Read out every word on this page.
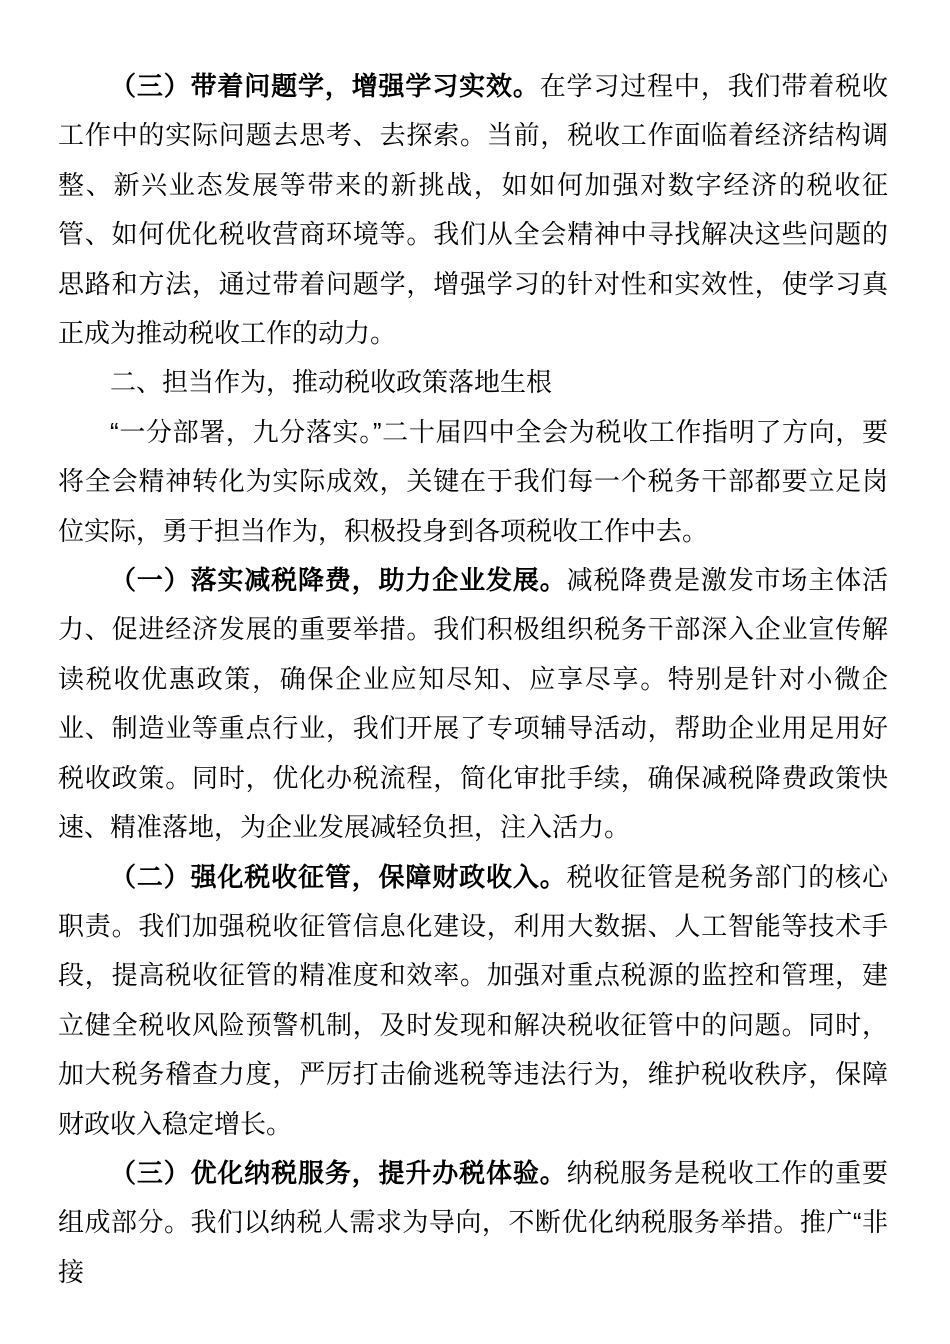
（三）带着问题学，增强学习实效。在学习过程中，我们带着税收工作中的实际问题去思考、去探索。当前，税收工作面临着经济结构调整、新兴业态发展等带来的新挑战，如如何加强对数字经济的税收征管、如何优化税收营商环境等。我们从全会精神中寻找解决这些问题的思路和方法，通过带着问题学，增强学习的针对性和实效性，使学习真正成为推动税收工作的动力。

二、担当作为，推动税收政策落地生根

“一分部署，九分落实。”二十届四中全会为税收工作指明了方向，要将全会精神转化为实际成效，关键在于我们每一个税务干部都要立足岗位实际，勇于担当作为，积极投身到各项税收工作中去。

（一）落实减税降费，助力企业发展。减税降费是激发市场主体活力、促进经济发展的重要举措。我们积极组织税务干部深入企业宣传解读税收优惠政策，确保企业应知尽知、应享尽享。特别是针对小微企业、制造业等重点行业，我们开展了专项辅导活动，帮助企业用足用好税收政策。同时，优化办税流程，简化审批手续，确保减税降费政策快速、精准落地，为企业发展减轻负担，注入活力。

（二）强化税收征管，保障财政收入。税收征管是税务部门的核心职责。我们加强税收征管信息化建设，利用大数据、人工智能等技术手段，提高税收征管的精准度和效率。加强对重点税源的监控和管理，建立健全税收风险预警机制，及时发现和解决税收征管中的问题。同时，加大税务稽查力度，严厉打击偷逃税等违法行为，维护税收秩序，保障财政收入稳定增长。

（三）优化纳税服务，提升办税体验。纳税服务是税收工作的重要组成部分。我们以纳税人需求为导向，不断优化纳税服务举措。推广“非接
